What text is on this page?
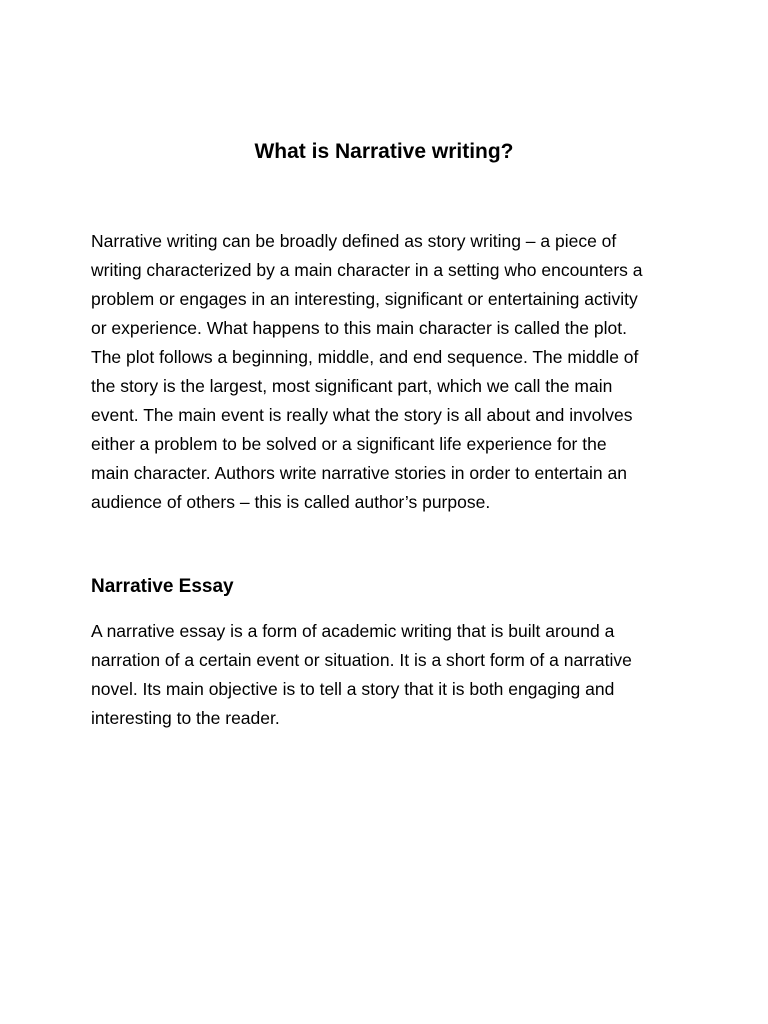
What is Narrative writing?

Narrative writing can be broadly defined as story writing – a piece of
writing characterized by a main character in a setting who encounters a
problem or engages in an interesting, significant or entertaining activity
or experience. What happens to this main character is called the plot.
The plot follows a beginning, middle, and end sequence. The middle of
the story is the largest, most significant part, which we call the main
event. The main event is really what the story is all about and involves
either a problem to be solved or a significant life experience for the
main character. Authors write narrative stories in order to entertain an
audience of others – this is called author’s purpose.

Narrative Essay

A narrative essay is a form of academic writing that is built around a
narration of a certain event or situation. It is a short form of a narrative
novel. Its main objective is to tell a story that it is both engaging and
interesting to the reader.
